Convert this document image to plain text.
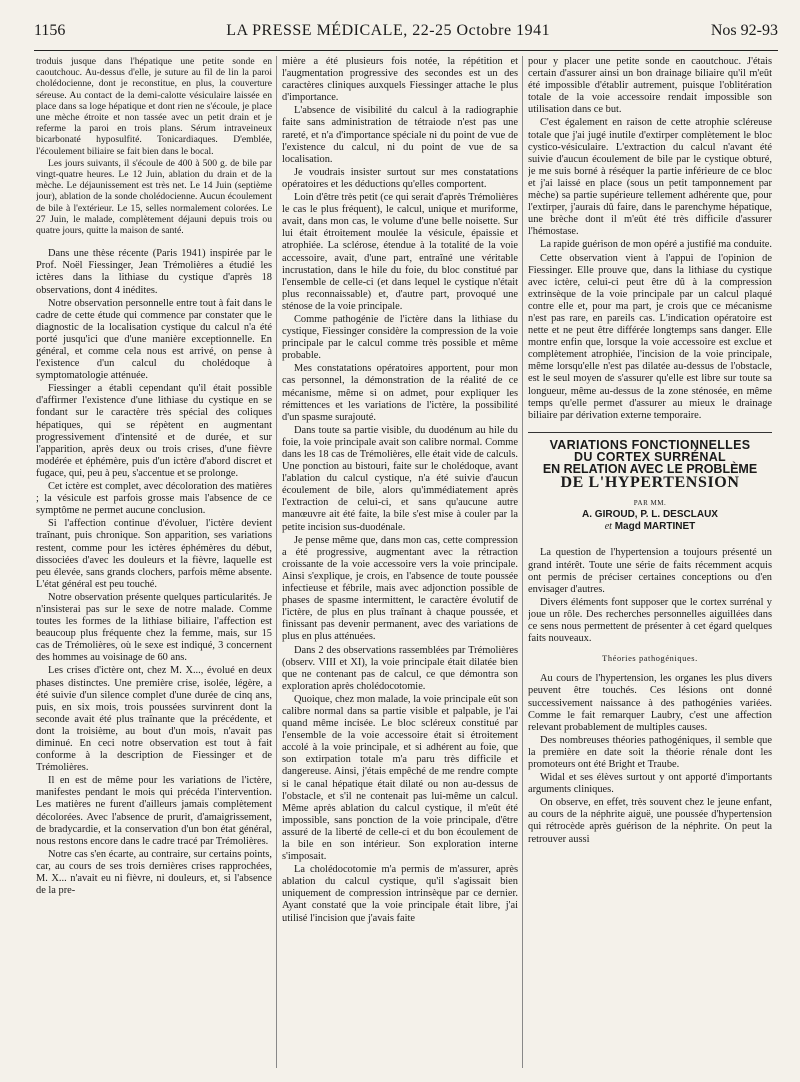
1156	LA PRESSE MÉDICALE, 22-25 Octobre 1941	Nos 92-93

troduis jusque dans l'hépatique une petite sonde en caoutchouc. Au-dessus d'elle, je suture au fil de lin la paroi cholédocienne, dont je reconstitue, en plus, la couverture séreuse. Au contact de la demi-calotte vésiculaire laissée en place dans sa loge hépatique et dont rien ne s'écoule, je place une mèche étroite et non tassée avec un petit drain et je referme la paroi en trois plans. Sérum intraveineux bicarbonaté hyposulfité. Tonicardiaques. D'emblée, l'écoulement biliaire se fait bien dans le bocal.

Les jours suivants, il s'écoule de 400 à 500 g. de bile par vingt-quatre heures. Le 12 Juin, ablation du drain et de la mèche. Le déjaunissement est très net. Le 14 Juin (septième jour), ablation de la sonde cholédocienne. Aucun écoulement de bile à l'extérieur. Le 15, selles normalement colorées. Le 27 Juin, le malade, complètement déjauni depuis trois ou quatre jours, quitte la maison de santé.

Dans une thèse récente (Paris 1941) inspirée par le Prof. Noël Fiessinger, Jean Trémolières a étudié les ictères dans la lithiase du cystique d'après 18 observations, dont 4 inédites.

Notre observation personnelle entre tout à fait dans le cadre de cette étude qui commence par constater que le diagnostic de la localisation cystique du calcul n'a été porté jusqu'ici que d'une manière exceptionnelle. En général, et comme cela nous est arrivé, on pense à l'existence d'un calcul du cholédoque à symptomatologie atténuée.

Fiessinger a établi cependant qu'il était possible d'affirmer l'existence d'une lithiase du cystique en se fondant sur le caractère très spécial des coliques hépatiques, qui se répètent en augmentant progressivement d'intensité et de durée, et sur l'apparition, après deux ou trois crises, d'une fièvre modérée et éphémère, puis d'un ictère d'abord discret et fugace, qui, peu à peu, s'accentue et se prolonge.

Cet ictère est complet, avec décoloration des matières ; la vésicule est parfois grosse mais l'absence de ce symptôme ne permet aucune conclusion.

Si l'affection continue d'évoluer, l'ictère devient traînant, puis chronique. Son apparition, ses variations restent, comme pour les ictères éphémères du début, dissociées d'avec les douleurs et la fièvre, laquelle est peu élevée, sans grands clochers, parfois même absente. L'état général est peu touché.

Notre observation présente quelques particularités. Je n'insisterai pas sur le sexe de notre malade. Comme toutes les formes de la lithiase biliaire, l'affection est beaucoup plus fréquente chez la femme, mais, sur 15 cas de Trémolières, où le sexe est indiqué, 3 concernent des hommes au voisinage de 60 ans.

Les crises d'ictère ont, chez M. X..., évolué en deux phases distinctes. Une première crise, isolée, légère, a été suivie d'un silence complet d'une durée de cinq ans, puis, en six mois, trois poussées survinrent dont la seconde avait été plus traînante que la précédente, et dont la troisième, au bout d'un mois, n'avait pas diminué. En ceci notre observation est tout à fait conforme à la description de Fiessinger et de Trémolières.

Il en est de même pour les variations de l'ictère, manifestes pendant le mois qui précéda l'intervention. Les matières ne furent d'ailleurs jamais complètement décolorées. Avec l'absence de prurit, d'amaigrissement, de bradycardie, et la conservation d'un bon état général, nous restons encore dans le cadre tracé par Trémolières.

Notre cas s'en écarte, au contraire, sur certains points, car, au cours de ses trois dernières crises rapprochées, M. X... n'avait eu ni fièvre, ni douleurs, et, si l'absence de la pre-

mière a été plusieurs fois notée, la répétition et l'augmentation progressive des secondes est un des caractères cliniques auxquels Fiessinger attache le plus d'importance.

L'absence de visibilité du calcul à la radiographie faite sans administration de tétraiode n'est pas une rareté, et n'a d'importance spéciale ni du point de vue de l'existence du calcul, ni du point de vue de sa localisation.

Je voudrais insister surtout sur mes constatations opératoires et les déductions qu'elles comportent.

Loin d'être très petit (ce qui serait d'après Trémolières le cas le plus fréquent), le calcul, unique et muriforme, avait, dans mon cas, le volume d'une belle noisette. Sur lui était étroitement moulée la vésicule, épaissie et atrophiée. La sclérose, étendue à la totalité de la voie accessoire, avait, d'une part, entraîné une véritable incrustation, dans le hile du foie, du bloc constitué par l'ensemble de celle-ci (et dans lequel le cystique n'était plus reconnaissable) et, d'autre part, provoqué une sténose de la voie principale.

Comme pathogénie de l'ictère dans la lithiase du cystique, Fiessinger considère la compression de la voie principale par le calcul comme très possible et même probable.

Mes constatations opératoires apportent, pour mon cas personnel, la démonstration de la réalité de ce mécanisme, même si on admet, pour expliquer les rémittences et les variations de l'ictère, la possibilité d'un spasme surajouté.

Dans toute sa partie visible, du duodénum au hile du foie, la voie principale avait son calibre normal. Comme dans les 18 cas de Trémolières, elle était vide de calculs. Une ponction au bistouri, faite sur le cholédoque, avant l'ablation du calcul cystique, n'a été suivie d'aucun écoulement de bile, alors qu'immédiatement après l'extraction de celui-ci, et sans qu'aucune autre manœuvre ait été faite, la bile s'est mise à couler par la petite incision sus-duodénale.

Je pense même que, dans mon cas, cette compression a été progressive, augmentant avec la rétraction croissante de la voie accessoire vers la voie principale. Ainsi s'explique, je crois, en l'absence de toute poussée infectieuse et fébrile, mais avec adjonction possible de phases de spasme intermittent, le caractère évolutif de l'ictère, de plus en plus traînant à chaque poussée, et finissant pas devenir permanent, avec des variations de plus en plus atténuées.

Dans 2 des observations rassemblées par Trémolières (observ. VIII et XI), la voie principale était dilatée bien que ne contenant pas de calcul, ce que démontra son exploration après cholédocotomie.

Quoique, chez mon malade, la voie principale eût son calibre normal dans sa partie visible et palpable, je l'ai quand même incisée. Le bloc scléreux constitué par l'ensemble de la voie accessoire était si étroitement accolé à la voie principale, et si adhérent au foie, que son extirpation totale m'a paru très difficile et dangereuse. Ainsi, j'étais empêché de me rendre compte si le canal hépatique était dilaté ou non au-dessus de l'obstacle, et s'il ne contenait pas lui-même un calcul. Même après ablation du calcul cystique, il m'eût été impossible, sans ponction de la voie principale, d'être assuré de la liberté de celle-ci et du bon écoulement de la bile en son intérieur. Son exploration interne s'imposait.

La cholédocotomie m'a permis de m'assurer, après ablation du calcul cystique, qu'il s'agissait bien uniquement de compression intrinsèque par ce dernier. Ayant constaté que la voie principale était libre, j'ai utilisé l'incision que j'avais faite

pour y placer une petite sonde en caoutchouc. J'étais certain d'assurer ainsi un bon drainage biliaire qu'il m'eût été impossible d'établir autrement, puisque l'oblitération totale de la voie accessoire rendait impossible son utilisation dans ce but.

C'est également en raison de cette atrophie scléreuse totale que j'ai jugé inutile d'extirper complètement le bloc cystico-vésiculaire. L'extraction du calcul n'avant été suivie d'aucun écoulement de bile par le cystique obturé, je me suis borné à réséquer la partie inférieure de ce bloc et j'ai laissé en place (sous un petit tamponnement par mèche) sa partie supérieure tellement adhérente que, pour l'extirper, j'aurais dû faire, dans le parenchyme hépatique, une brèche dont il m'eût été très difficile d'assurer l'hémostase.

La rapide guérison de mon opéré a justifié ma conduite.

Cette observation vient à l'appui de l'opinion de Fiessinger. Elle prouve que, dans la lithiase du cystique avec ictère, celui-ci peut être dû à la compression extrinsèque de la voie principale par un calcul plaqué contre elle et, pour ma part, je crois que ce mécanisme n'est pas rare, en pareils cas. L'indication opératoire est nette et ne peut être différée longtemps sans danger. Elle montre enfin que, lorsque la voie accessoire est exclue et complètement atrophiée, l'incision de la voie principale, même lorsqu'elle n'est pas dilatée au-dessus de l'obstacle, est le seul moyen de s'assurer qu'elle est libre sur toute sa longueur, même au-dessus de la zone sténosée, en même temps qu'elle permet d'assurer au mieux le drainage biliaire par dérivation externe temporaire.

VARIATIONS FONCTIONNELLES
DU CORTEX SURRÉNAL
EN RELATION AVEC LE PROBLÈME
DE L'HYPERTENSION
PAR MM.
A. GIROUD, P. L. DESCLAUX
et Magd MARTINET

La question de l'hypertension a toujours présenté un grand intérêt. Toute une série de faits récemment acquis ont permis de préciser certaines conceptions ou d'en envisager d'autres.

Divers éléments font supposer que le cortex surrénal y joue un rôle. Des recherches personnelles aiguillées dans ce sens nous permettent de présenter à cet égard quelques faits nouveaux.

Théories pathogéniques.

Au cours de l'hypertension, les organes les plus divers peuvent être touchés. Ces lésions ont donné successivement naissance à des pathogénies variées. Comme le fait remarquer Laubry, c'est une affection relevant probablement de multiples causes.

Des nombreuses théories pathogéniques, il semble que la première en date soit la théorie rénale dont les promoteurs ont été Bright et Traube.

Widal et ses élèves surtout y ont apporté d'importants arguments cliniques.

On observe, en effet, très souvent chez le jeune enfant, au cours de la néphrite aiguë, une poussée d'hypertension qui rétrocède après guérison de la néphrite. On peut la retrouver aussi
